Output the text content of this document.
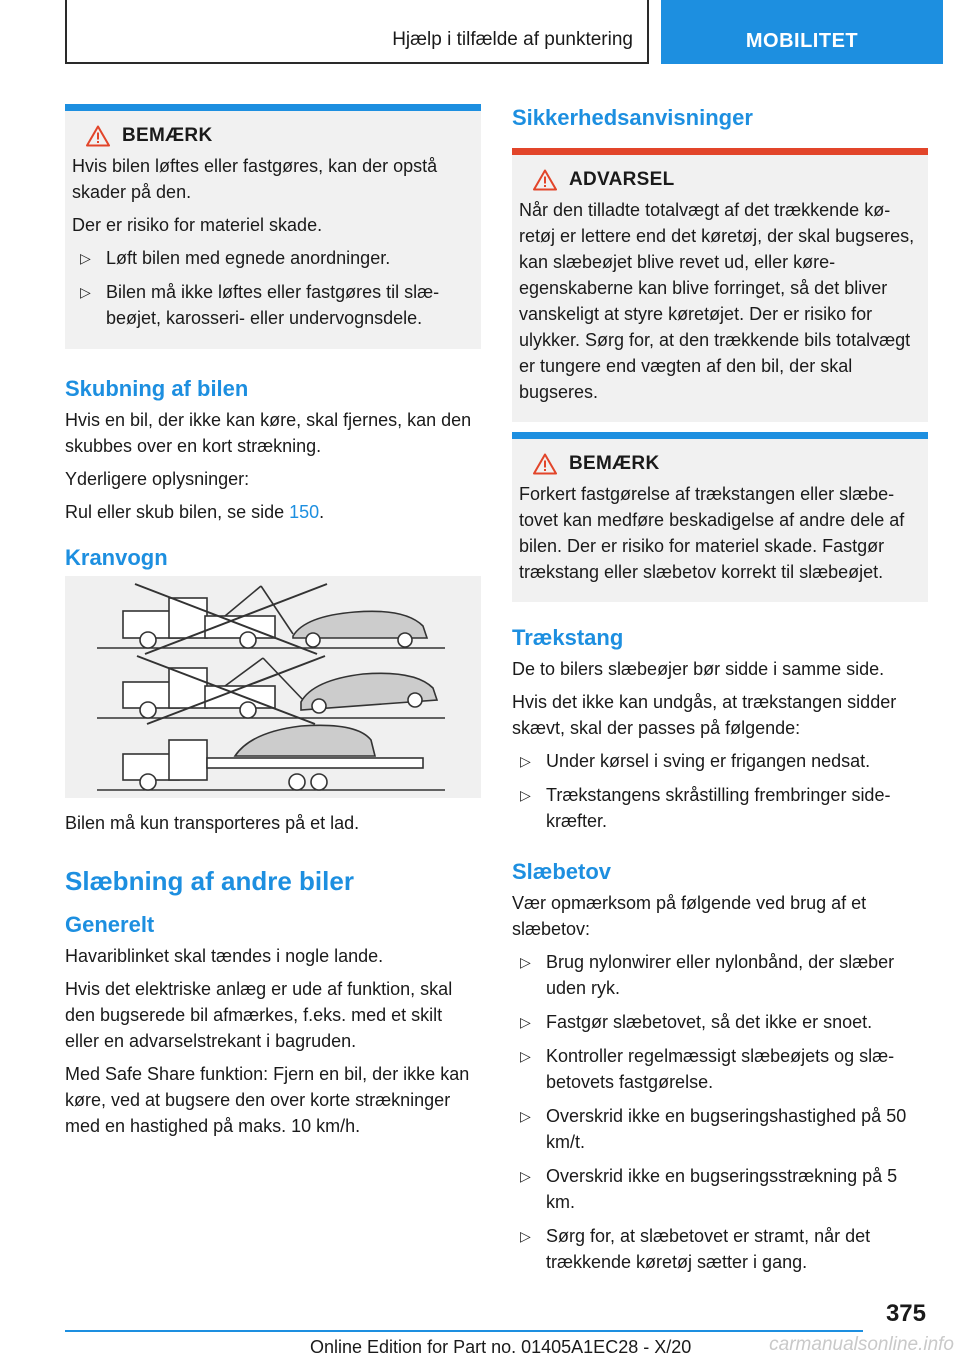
Hjælp i tilfælde af punktering	MOBILITET
BEMÆRK

Hvis bilen løftes eller fastgøres, kan der opstå skader på den.

Der er risiko for materiel skade.

▷ Løft bilen med egnede anordninger.
▷ Bilen må ikke løftes eller fastgøres til slæbeøjet, karosseri- eller undervognsdele.
Skubning af bilen

Hvis en bil, der ikke kan køre, skal fjernes, kan den skubbes over en kort strækning.

Yderligere oplysninger:

Rul eller skub bilen, se side 150.

Kranvogn

Bilen må kun transporteres på et lad.

Slæbning af andre biler
Generelt

Havariblinket skal tændes i nogle lande.

Hvis det elektriske anlæg er ude af funktion, skal den bugserede bil afmærkes, f.eks. med et skilt eller en advarselstrekant i bagruden.

Med Safe Share funktion: Fjern en bil, der ikke kan køre, ved at bugsere den over korte strækninger med en hastighed på maks. 10 km/h.

Sikkerhedsanvisninger
ADVARSEL

Når den tilladte totalvægt af det trækkende køretøj er lettere end det køretøj, der skal bugseres, kan slæbeøjet blive revet ud, eller køreegenskaberne kan blive forringet, så det bliver vanskeligt at styre køretøjet. Der er risiko for ulykker. Sørg for, at den trækkende bils totalvægt er tungere end vægten af den bil, der skal bugseres.

BEMÆRK

Forkert fastgørelse af trækstangen eller slæbetovet kan medføre beskadigelse af andre dele af bilen. Der er risiko for materiel skade. Fastgør trækstang eller slæbetov korrekt til slæbeøjet.

Trækstang

De to bilers slæbeøjer bør sidde i samme side.

Hvis det ikke kan undgås, at trækstangen sidder skævt, skal der passes på følgende:

▷ Under kørsel i sving er frigangen nedsat.
▷ Trækstangens skråstilling frembringer sidekræfter.
Slæbetov

Vær opmærksom på følgende ved brug af et slæbetov:

▷ Brug nylonwirer eller nylonbånd, der slæber uden ryk.
▷ Fastgør slæbetovet, så det ikke er snoet.
▷ Kontroller regelmæssigt slæbeøjets og slæbetovets fastgørelse.
▷ Overskrid ikke en bugseringshastighed på 50 km/t.
▷ Overskrid ikke en bugseringsstrækning på 5 km.
▷ Sørg for, at slæbetovet er stramt, når det trækkende køretøj sætter i gang.
375
Online Edition for Part no. 01405A1EC28 - X/20	carmanualsonline.info
